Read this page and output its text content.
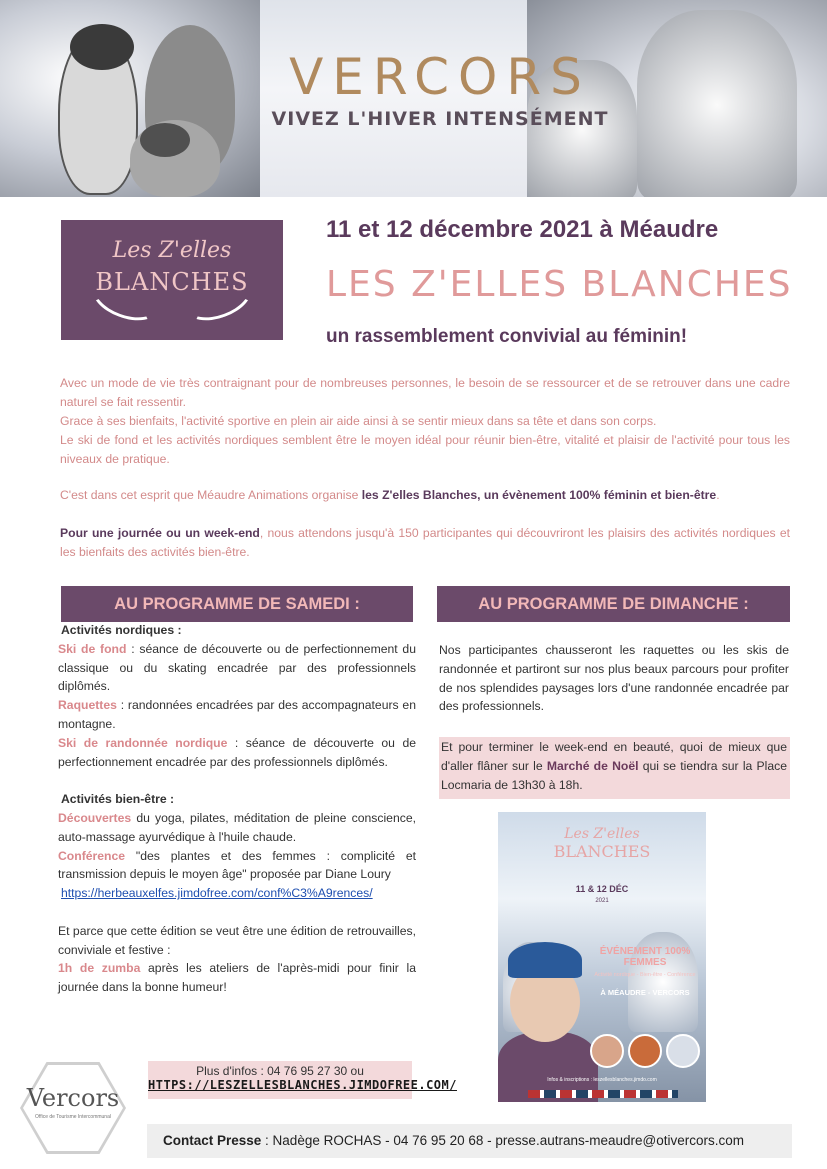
VERCORS
VIVEZ L'HIVER INTENSÉMENT
Les Z'elles
BLANCHES
11 et 12 décembre 2021 à Méaudre
LES Z'ELLES BLANCHES
un rassemblement convivial au féminin!
Avec un mode de vie très contraignant pour de nombreuses personnes, le besoin de se ressourcer et de se retrouver dans une cadre naturel se fait ressentir.
Grace à ses bienfaits, l'activité sportive en plein air aide ainsi à se sentir mieux dans sa tête et dans son corps.
Le ski de fond et les activités nordiques semblent être le moyen idéal pour réunir bien-être, vitalité et plaisir de l'activité pour tous les niveaux de pratique.
C'est dans cet esprit que Méaudre Animations organise les Z'elles Blanches, un évènement 100% féminin et bien-être.
Pour une journée ou un week-end, nous attendons jusqu'à 150 participantes qui découvriront les plaisirs des activités nordiques et les bienfaits des activités bien-être.
AU PROGRAMME DE SAMEDI :	AU PROGRAMME DE DIMANCHE :
Activités nordiques :
Ski de fond : séance de découverte ou de perfectionnement du classique ou du skating encadrée par des professionnels diplômés.
Raquettes : randonnées encadrées par des accompagnateurs en montagne.
Ski de randonnée nordique : séance de découverte ou de perfectionnement encadrée par des professionnels diplômés.
Activités bien-être :
Découvertes du yoga, pilates, méditation de pleine conscience, auto-massage ayurvédique à l'huile chaude.
Conférence "des plantes et des femmes : complicité et transmission depuis le moyen âge" proposée par Diane Loury
https://herbeauxelfes.jimdofree.com/conf%C3%A9rences/
Et parce que cette édition se veut être une édition de retrouvailles, conviviale et festive :
1h de zumba après les ateliers de l'après-midi pour finir la journée dans la bonne humeur!
Nos participantes chausseront les raquettes ou les skis de randonnée et partiront sur nos plus beaux parcours pour profiter de nos splendides paysages lors d'une randonnée encadrée par des professionnels.
Et pour terminer le week-end en beauté, quoi de mieux que d'aller flâner sur le Marché de Noël qui se tiendra sur la Place Locmaria de 13h30 à 18h.
Les Z'elles
BLANCHES
11 & 12 DÉC
2021
ÉVÉNEMENT 100% FEMMES
Activité nordique - Bien-être - Conférence
À MÉAUDRE - VERCORS
Infos & inscriptions : leszellesblanches.jimdo.com
Plus d'infos : 04 76 95 27 30 ou
HTTPS://LESZELLESBLANCHES.JIMDOFREE.COM/
Vercors
Office de Tourisme Intercommunal
Contact Presse : Nadège ROCHAS - 04 76 95 20 68 - presse.autrans-meaudre@otivercors.com
